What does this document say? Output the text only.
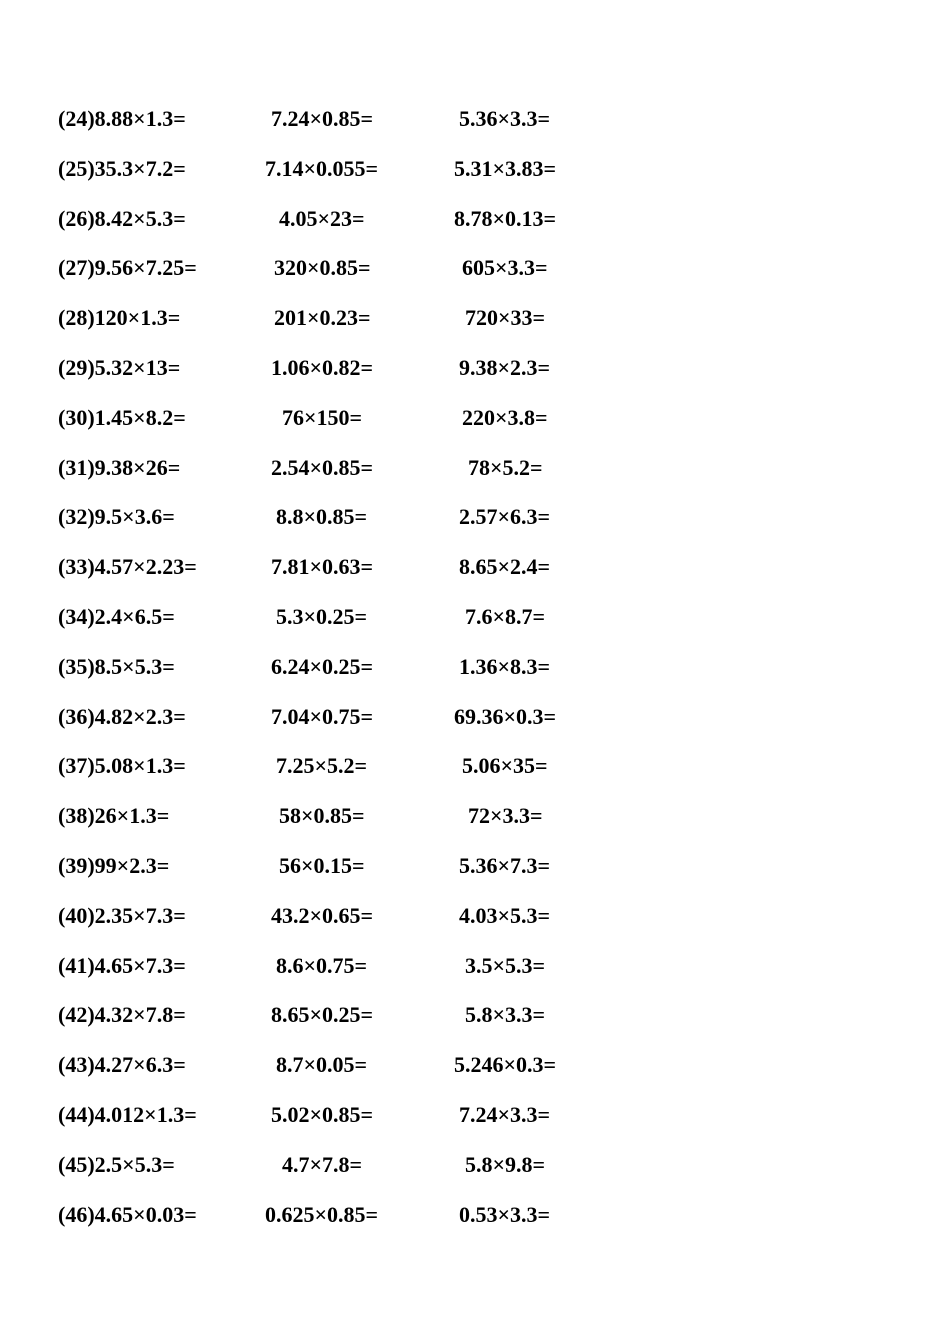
(24)8.88×1.3=	7.24×0.85=	5.36×3.3=
(25)35.3×7.2=	7.14×0.055=	5.31×3.83=
(26)8.42×5.3=	4.05×23=	8.78×0.13=
(27)9.56×7.25=	320×0.85=	605×3.3=
(28)120×1.3=	201×0.23=	720×33=
(29)5.32×13=	1.06×0.82=	9.38×2.3=
(30)1.45×8.2=	76×150=	220×3.8=
(31)9.38×26=	2.54×0.85=	78×5.2=
(32)9.5×3.6=	8.8×0.85=	2.57×6.3=
(33)4.57×2.23=	7.81×0.63=	8.65×2.4=
(34)2.4×6.5=	5.3×0.25=	7.6×8.7=
(35)8.5×5.3=	6.24×0.25=	1.36×8.3=
(36)4.82×2.3=	7.04×0.75=	69.36×0.3=
(37)5.08×1.3=	7.25×5.2=	5.06×35=
(38)26×1.3=	58×0.85=	72×3.3=
(39)99×2.3=	56×0.15=	5.36×7.3=
(40)2.35×7.3=	43.2×0.65=	4.03×5.3=
(41)4.65×7.3=	8.6×0.75=	3.5×5.3=
(42)4.32×7.8=	8.65×0.25=	5.8×3.3=
(43)4.27×6.3=	8.7×0.05=	5.246×0.3=
(44)4.012×1.3=	5.02×0.85=	7.24×3.3=
(45)2.5×5.3=	4.7×7.8=	5.8×9.8=
(46)4.65×0.03=	0.625×0.85=	0.53×3.3=
